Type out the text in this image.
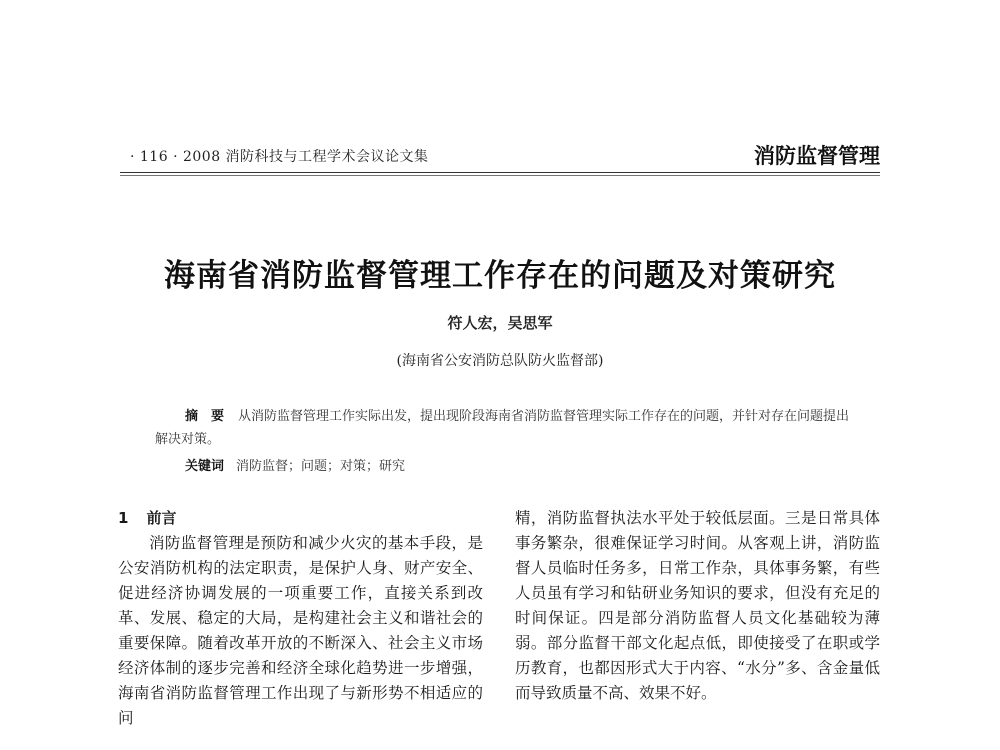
· 116 · 2008 消防科技与工程学术会议论文集	消防监督管理
海南省消防监督管理工作存在的问题及对策研究
符人宏，吴思军
(海南省公安消防总队防火监督部)
摘　要 从消防监督管理工作实际出发，提出现阶段海南省消防监督管理实际工作存在的问题，并针对存在问题提出解决对策。
关键词 消防监督；问题；对策；研究
1 前言

消防监督管理是预防和减少火灾的基本手段，是公安消防机构的法定职责，是保护人身、财产安全、促进经济协调发展的一项重要工作，直接关系到改革、发展、稳定的大局，是构建社会主义和谐社会的重要保障。随着改革开放的不断深入、社会主义市场经济体制的逐步完善和经济全球化趋势进一步增强，海南省消防监督管理工作出现了与新形势不相适应的问

精，消防监督执法水平处于较低层面。三是日常具体事务繁杂，很难保证学习时间。从客观上讲，消防监督人员临时任务多，日常工作杂，具体事务繁，有些人员虽有学习和钻研业务知识的要求，但没有充足的时间保证。四是部分消防监督人员文化基础较为薄弱。部分监督干部文化起点低，即使接受了在职或学历教育，也都因形式大于内容、“水分”多、含金量低而导致质量不高、效果不好。
